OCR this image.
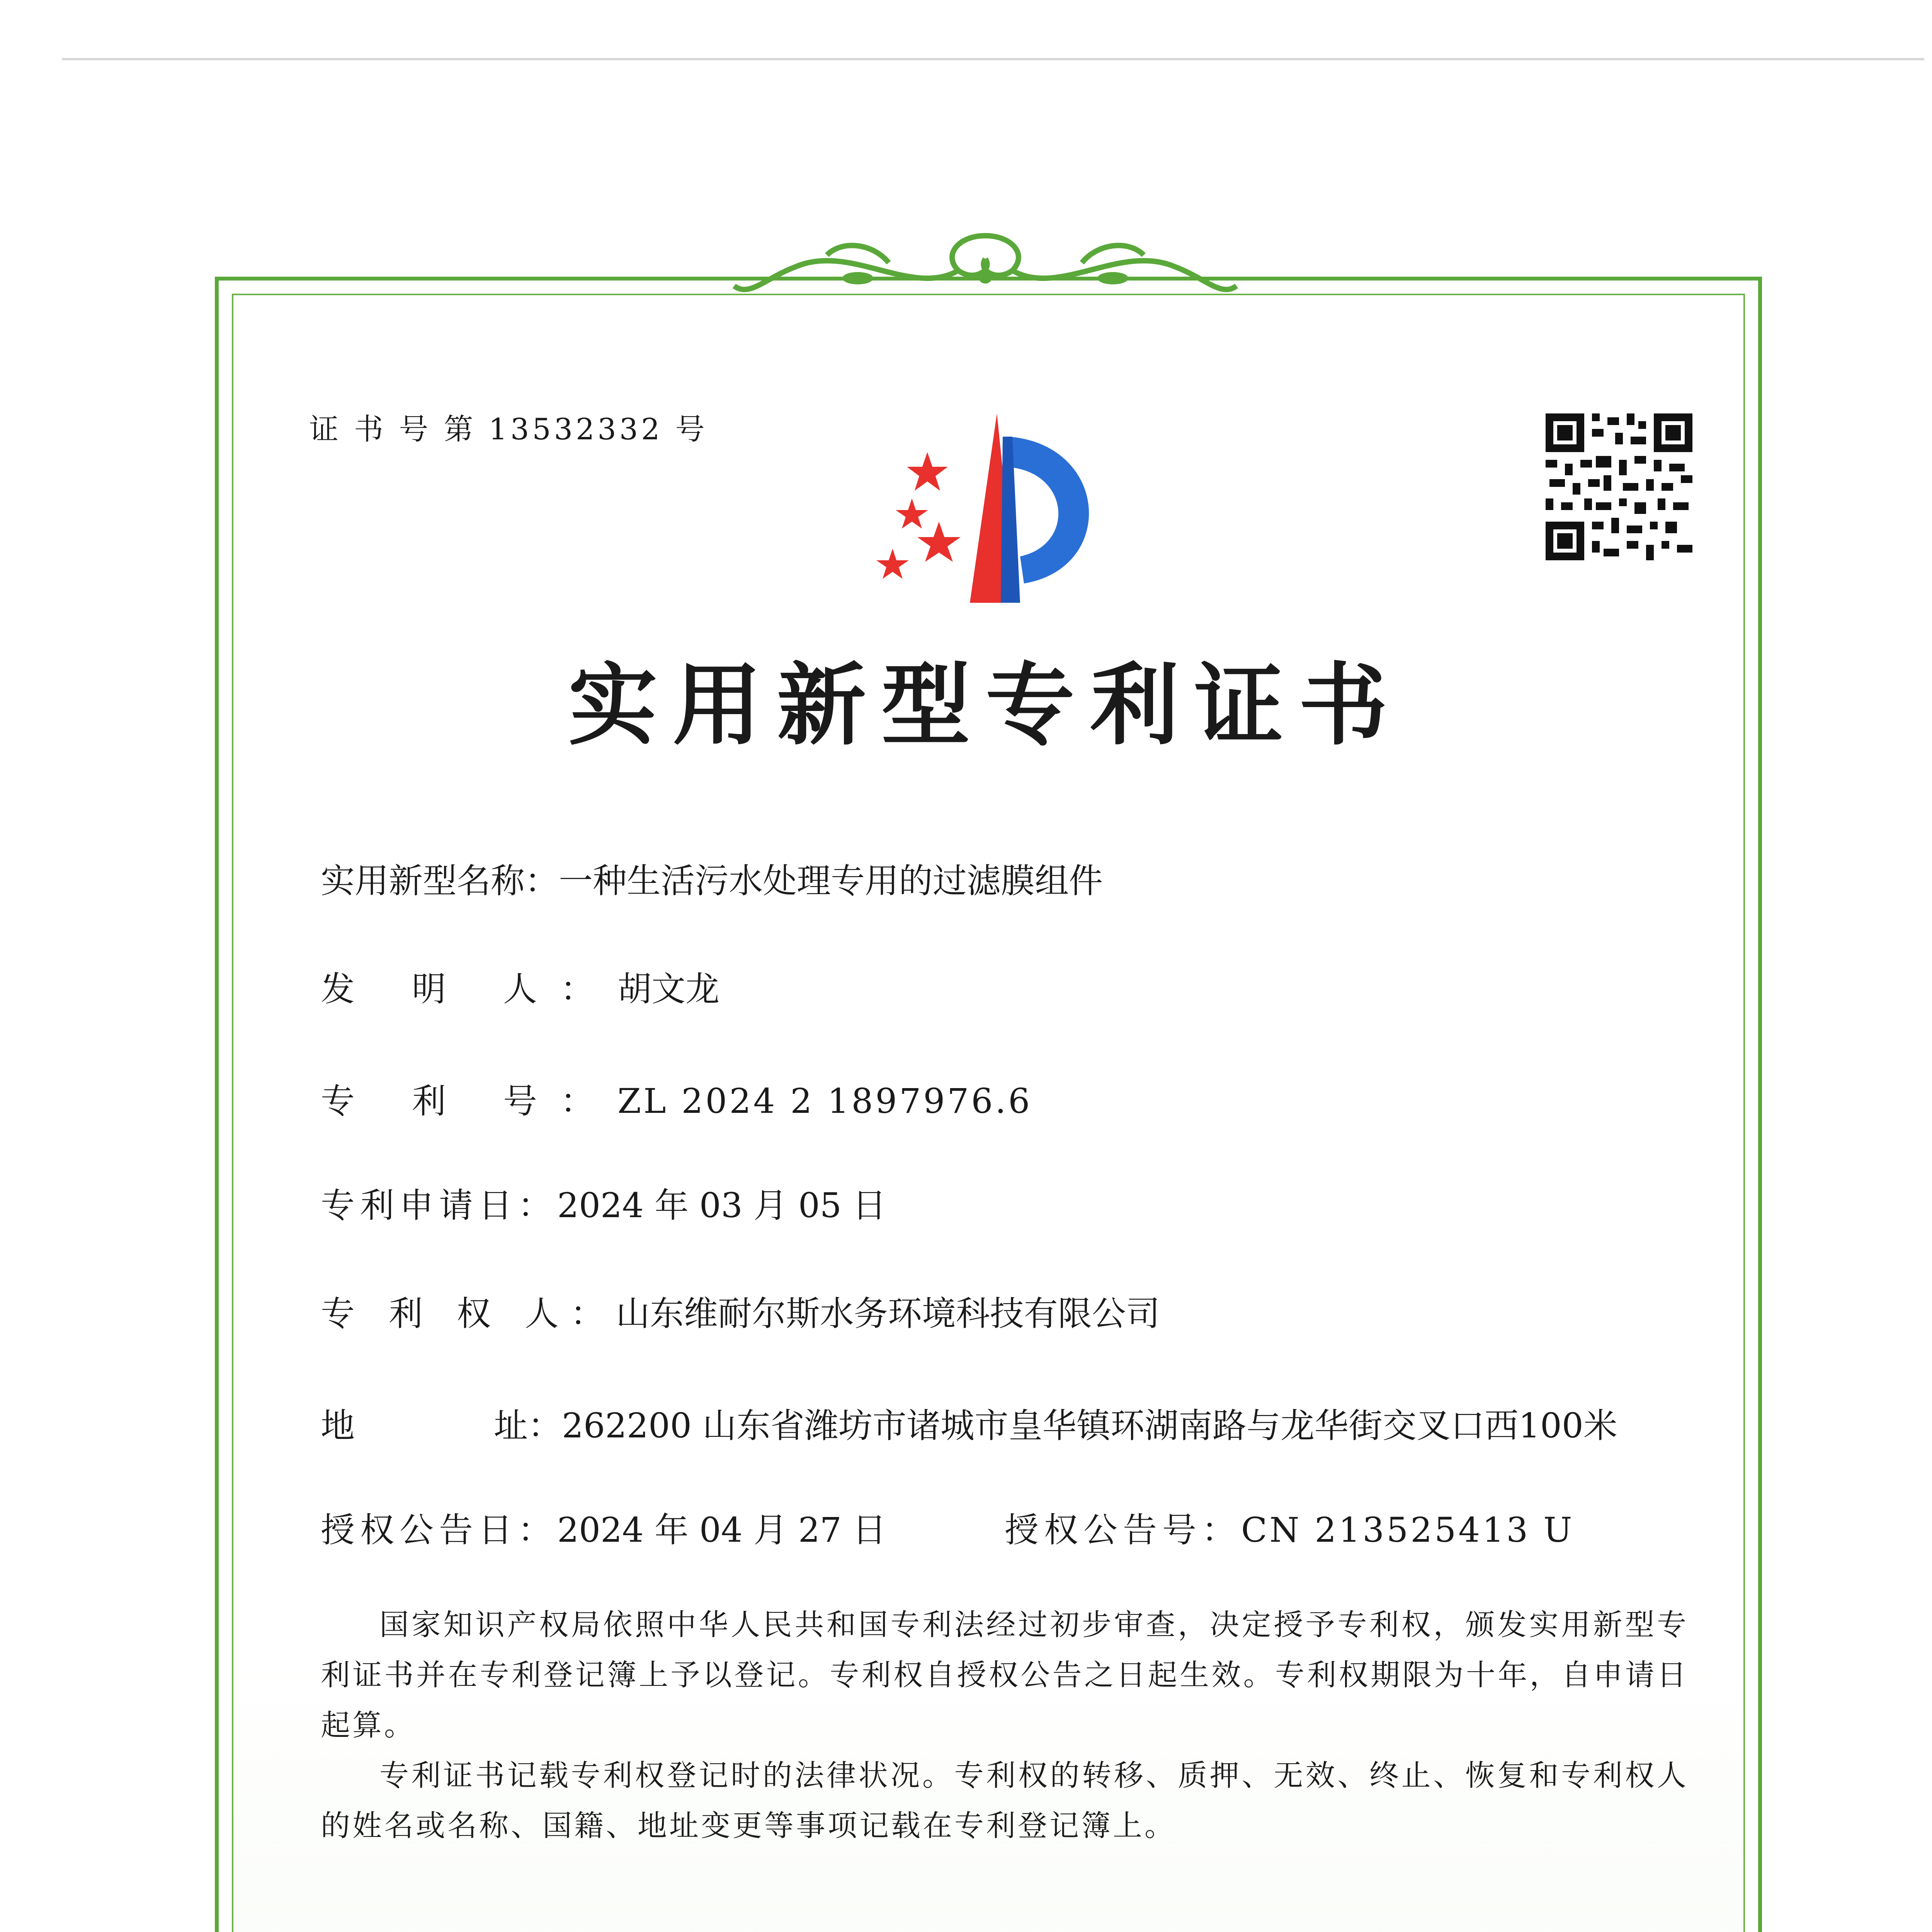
证 书 号 第 13532332 号
实用新型专利证书
实用新型名称：一种生活污水处理专用的过滤膜组件
发 明 人：胡文龙
专 利 号：ZL 2024 2 1897976.6
专利申请日：2024 年 03 月 05 日
专 利 权 人：山东维耐尔斯水务环境科技有限公司
地	址：262200 山东省潍坊市诸城市皇华镇环湖南路与龙华街交叉口西100米
授权公告日：2024 年 04 月 27 日	授权公告号：CN 213525413 U

国家知识产权局依照中华人民共和国专利法经过初步审查，决定授予专利权，颁发实用新型专利证书并在专利登记簿上予以登记。专利权自授权公告之日起生效。专利权期限为十年，自申请日起算。

专利证书记载专利权登记时的法律状况。专利权的转移、质押、无效、终止、恢复和专利权人的姓名或名称、国籍、地址变更等事项记载在专利登记簿上。
